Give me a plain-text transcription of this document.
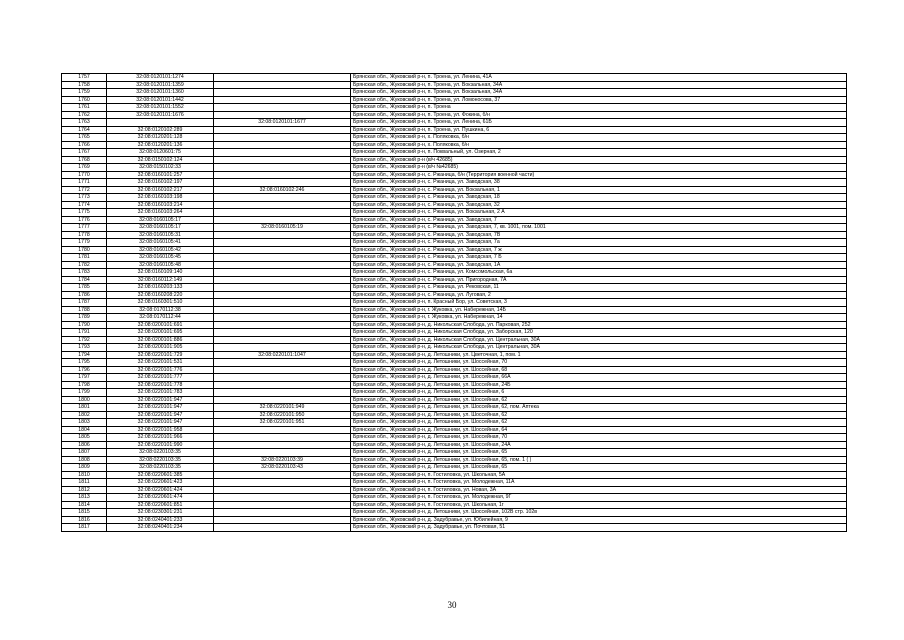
1757	32:08:0120101:1274		Брянская обл., Жуковский р-н, п. Троена, ул. Ленина, 41А
1758	32:08:0120101:1359		Брянская обл., Жуковский р-н, п. Троена, ул. Вокзальная, 34А
1759	32:08:0120101:1360		Брянская обл., Жуковский р-н, п. Троена, ул. Вокзальная, 34А
1760	32:08:0120101:1442		Брянская обл., Жуковский р-н, п. Троена, ул. Ломоносова, 37
1761	32:08:0120101:1552		Брянская обл., Жуковский р-н, п. Троена
1762	32:08:0120101:1676		Брянская обл., Жуковский р-н, п. Троена, ул. Фокина, б/н
1763		32:08:0120101:1677	Брянская обл., Жуковский р-н, п. Троена, ул. Ленина, 61Б
1764	32:08:0120102:289		Брянская обл., Жуковский р-н, п. Троена, ул. Пушкина, 6
1765	32:08:0120201:128		Брянская обл., Жуковский р-н, х. Поляковка, б/н
1766	32:08:0120201:136		Брянская обл., Жуковский р-н, х. Поляковка, б/н
1767	32:08:0120601:75		Брянская обл., Жуковский р-н, п. Поквальный, ул. Озерная, 2
1768	32:08:0150102:124		Брянская обл., Жуковский р-н (в/ч 42685)
1769	32:08:0150102:33		Брянская обл., Жуковский р-н (в/ч №42685)
1770	32:08:0160101:257		Брянская обл., Жуковский р-н, с. Ржаница, б/н (Территория военной части)
1771	32:08:0160102:197		Брянская обл., Жуковский р-н, с. Ржаница, ул. Заводская, 38
1772	32:08:0160102:217	32:08:0160102:246	Брянская обл., Жуковский р-н, с. Ржаница, ул. Вокзальная, 1
1773	32:08:0160103:198		Брянская обл., Жуковский р-н, с. Ржаница, ул. Заводская, 18
1774	32:08:0160103:214		Брянская обл., Жуковский р-н, с. Ржаница, ул. Заводская, 32
1775	32:08:0160103:264		Брянская обл., Жуковский р-н, с. Ржаница, ул. Вокзальная, 2 А
1776	32:08:0160105:17		Брянская обл., Жуковский р-н, с. Ржаница, ул. Заводская, 7
1777	32:08:0160105:17	32:08:0160105:19	Брянская обл., Жуковский р-н, с. Ржаница, ул. Заводская, 7, кв. 1001, пом. 1001
1778	32:08:0160105:31		Брянская обл., Жуковский р-н, с. Ржаница, ул. Заводская, 7В
1779	32:08:0160105:41		Брянская обл., Жуковский р-н, с. Ржаница, ул. Заводская, 7а
1780	32:08:0160105:42		Брянская обл., Жуковский р-н, с. Ржаница, ул. Заводская, 7 ж
1781	32:08:0160105:45		Брянская обл., Жуковский р-н, с. Ржаница, ул. Заводская, 7 Б
1782	32:08:0160105:48		Брянская обл., Жуковский р-н, с. Ржаница, ул. Заводская, 1А
1783	32:08:0160109:140		Брянская обл., Жуковский р-н, с. Ржаница, ул. Комсомольская, 6а
1784	32:08:0160112:149		Брянская обл., Жуковский р-н, с. Ржаница, ул. Пригородная, 7А
1785	32:08:0160203:133		Брянская обл., Жуковский р-н, с. Ржаница, ул. Рековская, 11
1786	32:08:0160208:220		Брянская обл., Жуковский р-н, с. Ржаница, ул. Луговая, 2
1787	32:08:0160301:510		Брянская обл., Жуковский р-н, п. Красный Бор, ул. Советская, 3
1788	32:08:0170112:38		Брянская обл., Жуковский р-н, г. Жуковка, ул. Набережная, 14Б
1789	32:08:0170112:44		Брянская обл., Жуковский р-н, г. Жуковка, ул. Набережная, 14
1790	32:08:0200101:691		Брянская обл., Жуковский р-н, д. Никольская Слобода, ул. Парковая, 252
1791	32:08:0200101:695		Брянская обл., Жуковский р-н, д. Никольская Слобода, ул. Заборская, 120
1792	32:08:0200101:886		Брянская обл., Жуковский р-н, д. Никольская Слобода, ул. Центральная, 30А
1793	32:08:0200101:905		Брянская обл., Жуковский р-н, д. Никольская Слобода, ул. Центральная, 30А
1794	32:08:0220101:729	32:08:0220101:1047	Брянская обл., Жуковский р-н, д. Летошники, ул. Цветочная, 1, пом. 1
1795	32:08:0220101:531		Брянская обл., Жуковский р-н, д. Летошники, ул. Шоссейная, 70
1796	32:08:0220101:776		Брянская обл., Жуковский р-н, д. Летошники, ул. Шоссейная, 68
1797	32:08:0220101:777		Брянская обл., Жуковский р-н, д. Летошники, ул. Шоссейная, 66А
1798	32:08:0220101:778		Брянская обл., Жуковский р-н, д. Летошники, ул. Шоссейная, 24Б
1799	32:08:0220101:783		Брянская обл., Жуковский р-н, д. Летошники, ул. Шоссейная, 6
1800	32:08:0220101:947		Брянская обл., Жуковский р-н, д. Летошники, ул. Шоссейная, 62
1801	32:08:0220101:947	32:08:0220101:949	Брянская обл., Жуковский р-н, д. Летошники, ул. Шоссейная, 62, пом. Аптека
1802	32:08:0220101:947	32:08:0220101:950	Брянская обл., Жуковский р-н, д. Летошники, ул. Шоссейная, 62
1803	32:08:0220101:947	32:08:0220101:951	Брянская обл., Жуковский р-н, д. Летошники, ул. Шоссейная, 62
1804	32:08:0220101:958		Брянская обл., Жуковский р-н, д. Летошники, ул. Шоссейная, 64
1805	32:08:0220101:966		Брянская обл., Жуковский р-н, д. Летошники, ул. Шоссейная, 70
1806	32:08:0220101:990		Брянская обл., Жуковский р-н, д. Летошники, ул. Шоссейная, 24А
1807	32:08:0220103:35		Брянская обл., Жуковский р-н, д. Летошники, ул. Шоссейная, 65
1808	32:08:0220103:35	32:08:0220103:39	Брянская обл., Жуковский р-н, д. Летошники, ул. Шоссейная, 65, пом. 1 ( )
1809	32:08:0220103:35	32:08:0220103:43	Брянская обл., Жуковский р-н, д. Летошники, ул. Шоссейная, 65
1810	32:08:0220601:385		Брянская обл., Жуковский р-н, п. Гостиловка, ул. Школьная, 5А
1811	32:08:0220601:423		Брянская обл., Жуковский р-н, п. Гостиловка, ул. Молодежная, 11А
1812	32:08:0220601:424		Брянская обл., Жуковский р-н, п. Гостиловка, ул. Новая, 3А
1813	32:08:0220601:474		Брянская обл., Жуковский р-н, п. Гостиловка, ул. Молодежная, 9Г
1814	32:08:0220601:851		Брянская обл., Жуковский р-н, п. Гостиловка, ул. Школьная, 1г
1815	32:08:0230301:231		Брянская обл., Жуковский р-н, д. Летошники, ул. Шоссейная, 102В стр. 102в
1816	32:08:0240401:233		Брянская обл., Жуковский р-н, д. Задубравье, ул. Юбилейная, 9
1817	32:08:0240401:234		Брянская обл., Жуковский р-н, д. Задубравье, ул. Почтовая, 51
30
